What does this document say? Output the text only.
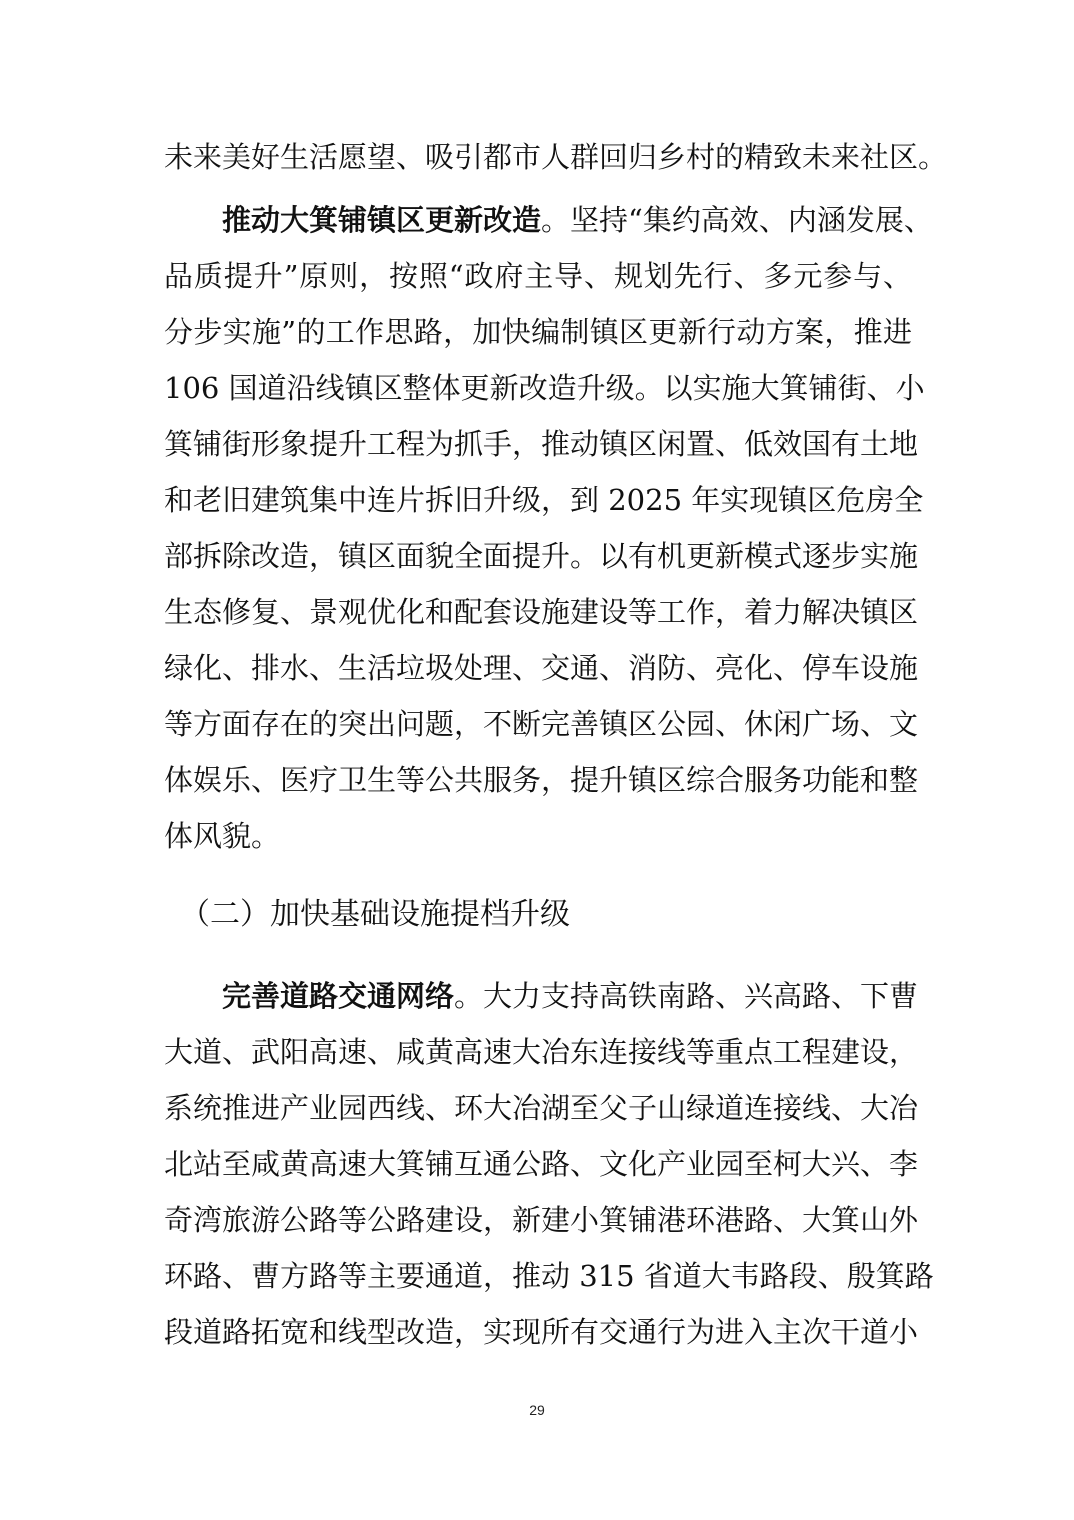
未来美好生活愿望、吸引都市人群回归乡村的精致未来社区。
推动大箕铺镇区更新改造。坚持“集约高效、内涵发展、
品质提升”原则，按照“政府主导、规划先行、多元参与、
分步实施”的工作思路，加快编制镇区更新行动方案，推进
106 国道沿线镇区整体更新改造升级。以实施大箕铺街、小
箕铺街形象提升工程为抓手，推动镇区闲置、低效国有土地
和老旧建筑集中连片拆旧升级，到 2025 年实现镇区危房全
部拆除改造，镇区面貌全面提升。以有机更新模式逐步实施
生态修复、景观优化和配套设施建设等工作，着力解决镇区
绿化、排水、生活垃圾处理、交通、消防、亮化、停车设施
等方面存在的突出问题，不断完善镇区公园、休闲广场、文
体娱乐、医疗卫生等公共服务，提升镇区综合服务功能和整
体风貌。
（二）加快基础设施提档升级
完善道路交通网络。大力支持高铁南路、兴高路、下曹
大道、武阳高速、咸黄高速大冶东连接线等重点工程建设，
系统推进产业园西线、环大冶湖至父子山绿道连接线、大冶
北站至咸黄高速大箕铺互通公路、文化产业园至柯大兴、李
奇湾旅游公路等公路建设，新建小箕铺港环港路、大箕山外
环路、曹方路等主要通道，推动 315 省道大韦路段、殷箕路
段道路拓宽和线型改造，实现所有交通行为进入主次干道小
29
